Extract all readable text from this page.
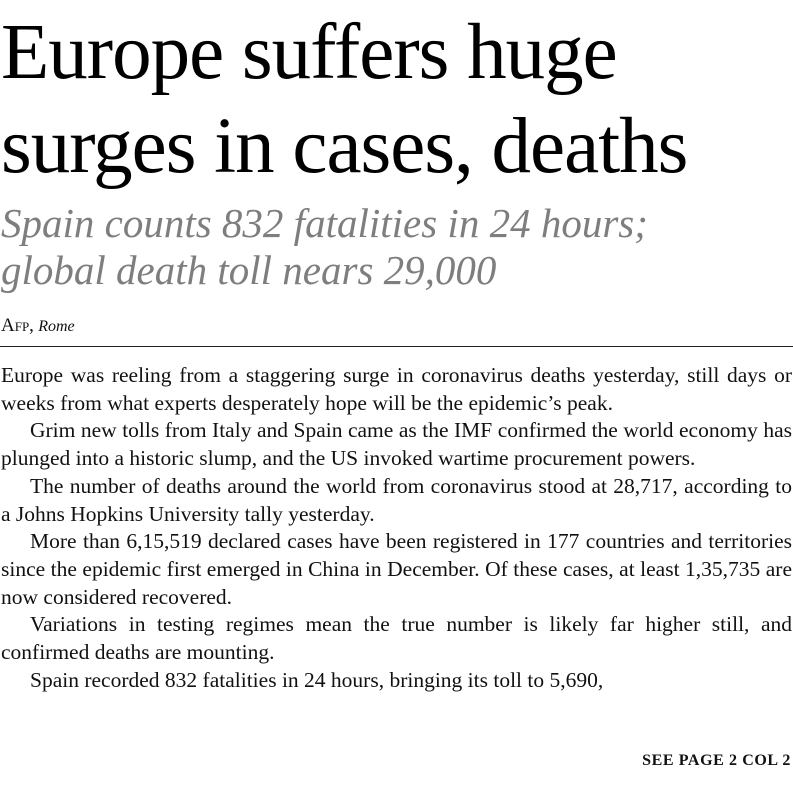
Europe suffers huge
surges in cases, deaths
Spain counts 832 fatalities in 24 hours;
global death toll nears 29,000
Afp, Rome

Europe was reeling from a staggering surge in coronavirus deaths yesterday, still days or weeks from what experts desperately hope will be the epidemic’s peak.

Grim new tolls from Italy and Spain came as the IMF confirmed the world economy has plunged into a historic slump, and the US invoked wartime procurement powers.

The number of deaths around the world from coronavirus stood at 28,717, according to a Johns Hopkins University tally yesterday.

More than 6,15,519 declared cases have been registered in 177 countries and territories since the epidemic first emerged in China in December. Of these cases, at least 1,35,735 are now considered recovered.

Variations in testing regimes mean the true number is likely far higher still, and confirmed deaths are mounting.

Spain recorded 832 fatalities in 24 hours, bringing its toll to 5,690,

SEE PAGE 2 COL 2
